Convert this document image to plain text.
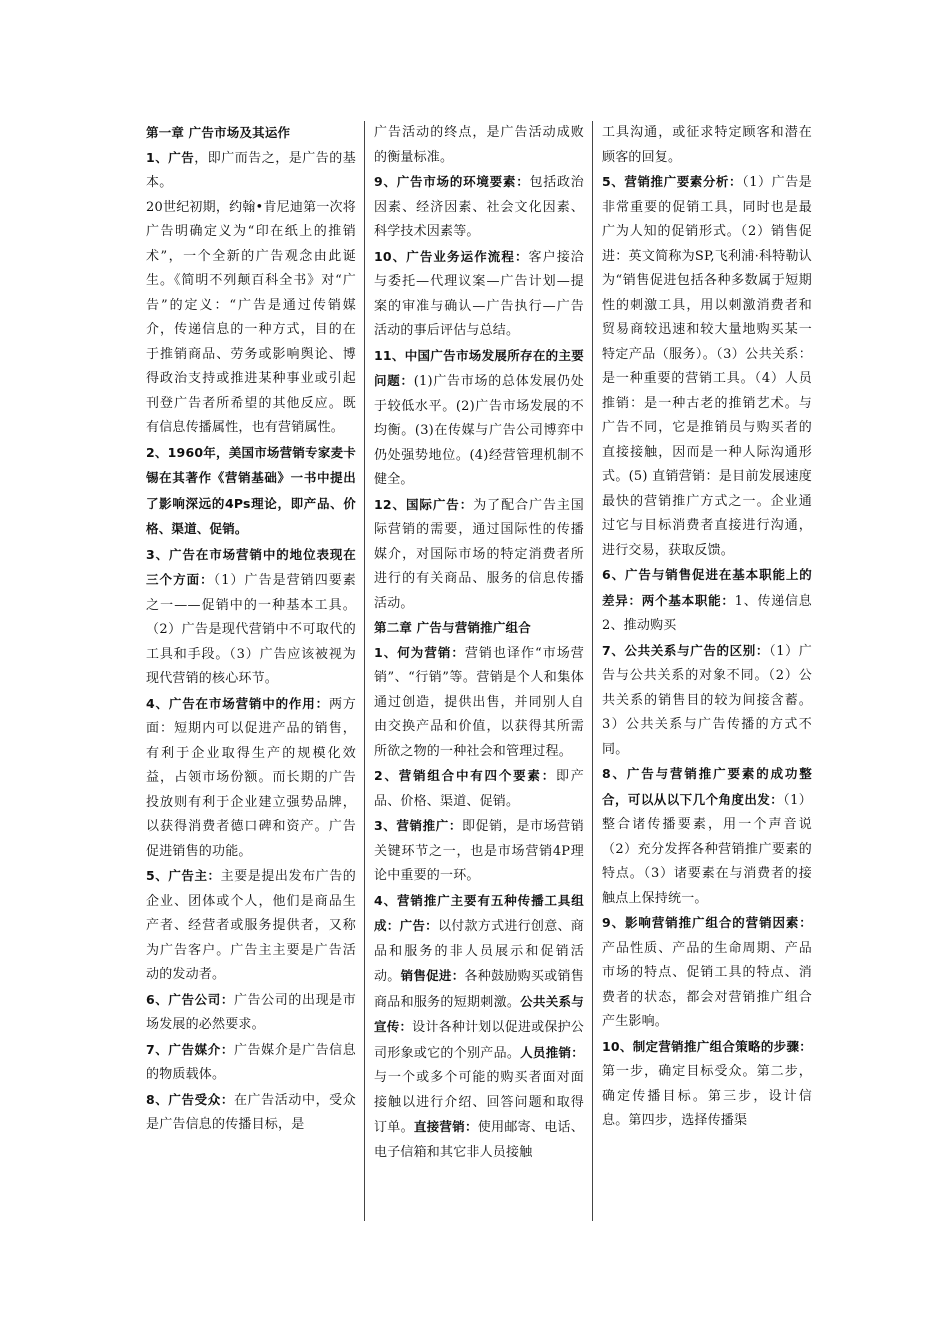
第一章 广告市场及其运作

1、广告，即广而告之，是广告的基本。

20世纪初期，约翰•肯尼迪第一次将广告明确定义为“印在纸上的推销术”，一个全新的广告观念由此诞生。《简明不列颠百科全书》对“广告”的定义：“广告是通过传销媒介，传递信息的一种方式，目的在于推销商品、劳务或影响舆论、博得政治支持或推进某种事业或引起刊登广告者所希望的其他反应。既有信息传播属性，也有营销属性。

2、1960年，美国市场营销专家麦卡锡在其著作《营销基础》一书中提出了影响深远的4Ps理论，即产品、价格、渠道、促销。

3、广告在市场营销中的地位表现在三个方面：（1）广告是营销四要素之一——促销中的一种基本工具。（2）广告是现代营销中不可取代的工具和手段。（3）广告应该被视为现代营销的核心环节。

4、广告在市场营销中的作用：两方面：短期内可以促进产品的销售，有利于企业取得生产的规模化效益，占领市场份额。而长期的广告投放则有利于企业建立强势品牌，以获得消费者德口碑和资产。广告促进销售的功能。

5、广告主：主要是提出发布广告的企业、团体或个人，他们是商品生产者、经营者或服务提供者，又称为广告客户。广告主主要是广告活动的发动者。

6、广告公司：广告公司的出现是市场发展的必然要求。

7、广告媒介：广告媒介是广告信息的物质载体。

8、广告受众：在广告活动中，受众是广告信息的传播目标，是

广告活动的终点，是广告活动成败的衡量标准。

9、广告市场的环境要素：包括政治因素、经济因素、社会文化因素、科学技术因素等。

10、广告业务运作流程：客户接洽与委托—代理议案—广告计划—提案的审准与确认—广告执行—广告活动的事后评估与总结。

11、中国广告市场发展所存在的主要问题：(1)广告市场的总体发展仍处于较低水平。(2)广告市场发展的不均衡。(3)在传媒与广告公司博弈中仍处强势地位。(4)经营管理机制不健全。

12、国际广告：为了配合广告主国际营销的需要，通过国际性的传播媒介，对国际市场的特定消费者所进行的有关商品、服务的信息传播活动。

第二章 广告与营销推广组合

1、何为营销：营销也译作“市场营销”、“行销”等。营销是个人和集体通过创造，提供出售，并同别人自由交换产品和价值，以获得其所需所欲之物的一种社会和管理过程。

2、营销组合中有四个要素：即产品、价格、渠道、促销。

3、营销推广：即促销，是市场营销关键环节之一，也是市场营销4P理论中重要的一环。

4、营销推广主要有五种传播工具组成：广告：以付款方式进行创意、商品和服务的非人员展示和促销活动。销售促进：各种鼓励购买或销售商品和服务的短期刺激。公共关系与宣传：设计各种计划以促进或保护公司形象或它的个别产品。人员推销：与一个或多个可能的购买者面对面接触以进行介绍、回答问题和取得订单。直接营销：使用邮寄、电话、电子信箱和其它非人员接触

工具沟通，或征求特定顾客和潜在顾客的回复。

5、营销推广要素分析：（1）广告是非常重要的促销工具，同时也是最广为人知的促销形式。（2）销售促进：英文简称为SP,飞利浦·科特勒认为“销售促进包括各种多数属于短期性的刺激工具，用以刺激消费者和贸易商较迅速和较大量地购买某一特定产品（服务）。（3）公共关系：是一种重要的营销工具。（4）人员推销：是一种古老的推销艺术。与广告不同，它是推销员与购买者的直接接触，因而是一种人际沟通形式。(5) 直销营销：是目前发展速度最快的营销推广方式之一。企业通过它与目标消费者直接进行沟通，进行交易，获取反馈。

6、广告与销售促进在基本职能上的差异：两个基本职能：1、传递信息2、推动购买

7、公共关系与广告的区别：（1）广告与公共关系的对象不同。（2）公共关系的销售目的较为间接含蓄。3）公共关系与广告传播的方式不同。

8、广告与营销推广要素的成功整合，可以从以下几个角度出发：（1）整合诸传播要素，用一个声音说（2）充分发挥各种营销推广要素的特点。（3）诸要素在与消费者的接触点上保持统一。

9、影响营销推广组合的营销因素：产品性质、产品的生命周期、产品市场的特点、促销工具的特点、消费者的状态，都会对营销推广组合产生影响。

10、制定营销推广组合策略的步骤：第一步，确定目标受众。第二步，确定传播目标。第三步，设计信息。第四步，选择传播渠
